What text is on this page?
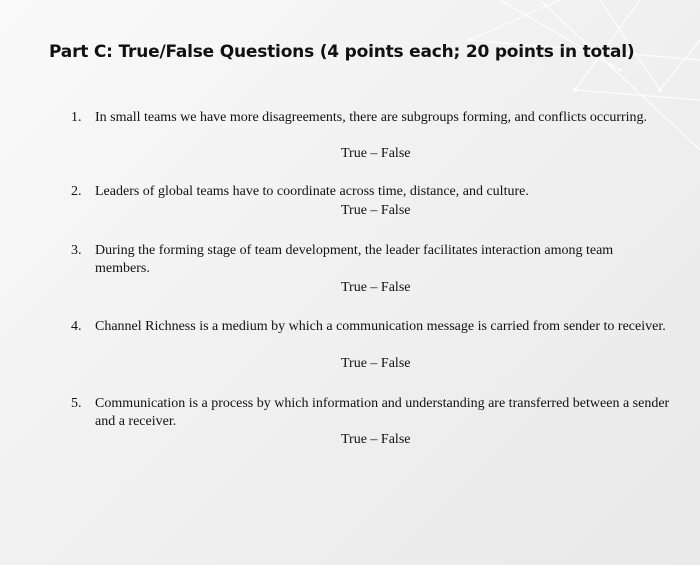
Part C: True/False Questions (4 points each; 20 points in total)
1. In small teams we have more disagreements, there are subgroups forming, and conflicts occurring.
True – False
2. Leaders of global teams have to coordinate across time, distance, and culture.
True – False
3. During the forming stage of team development, the leader facilitates interaction among team members.
True – False
4. Channel Richness is a medium by which a communication message is carried from sender to receiver.
True – False
5. Communication is a process by which information and understanding are transferred between a sender and a receiver.
True – False
